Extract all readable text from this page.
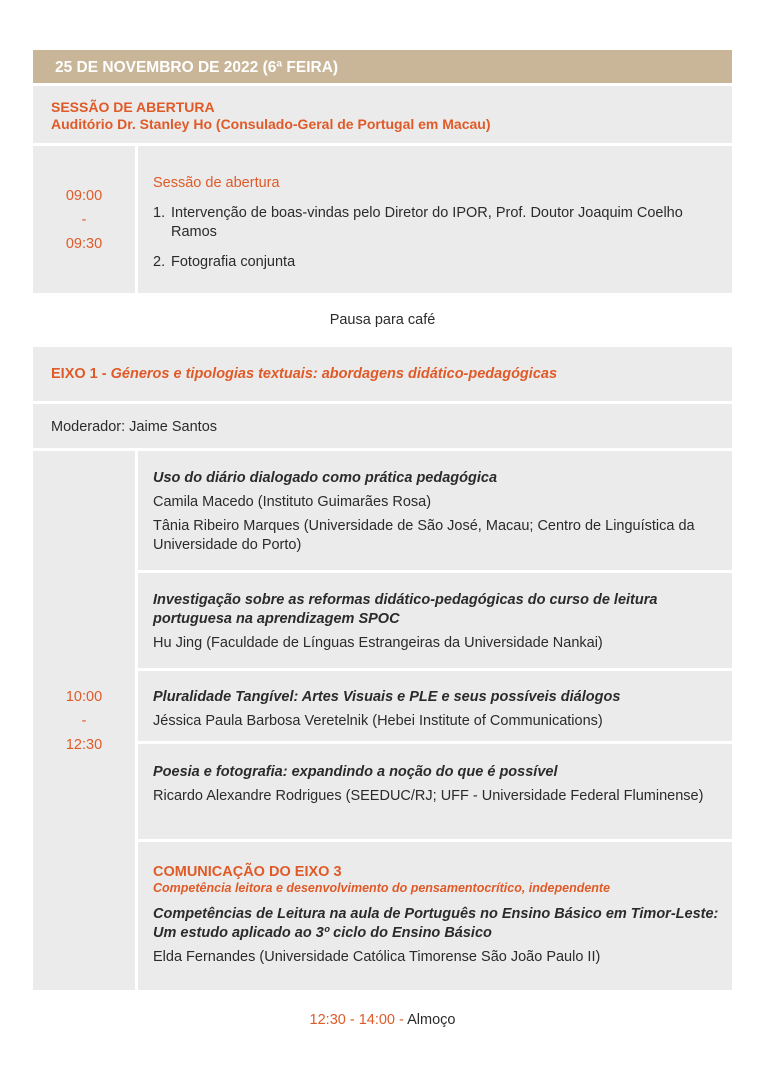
25 DE NOVEMBRO DE 2022 (6ª FEIRA)
SESSÃO DE ABERTURA
Auditório Dr. Stanley Ho (Consulado-Geral de Portugal em Macau)
09:00
-
09:30
Sessão de abertura
1. Intervenção de boas-vindas pelo Diretor do IPOR, Prof. Doutor Joaquim Coelho Ramos
2. Fotografia conjunta
Pausa para café
EIXO 1 - Géneros e tipologias textuais: abordagens didático-pedagógicas
Moderador: Jaime Santos
10:00
-
12:30
Uso do diário dialogado como prática pedagógica
Camila Macedo (Instituto Guimarães Rosa)
Tânia Ribeiro Marques (Universidade de São José, Macau; Centro de Linguística da Universidade do Porto)
Investigação sobre as reformas didático-pedagógicas do curso de leitura portuguesa na aprendizagem SPOC
Hu Jing (Faculdade de Línguas Estrangeiras da Universidade Nankai)
Pluralidade Tangível: Artes Visuais e PLE e seus possíveis diálogos
Jéssica Paula Barbosa Veretelnik (Hebei Institute of Communications)
Poesia e fotografia: expandindo a noção do que é possível
Ricardo Alexandre Rodrigues (SEEDUC/RJ; UFF - Universidade Federal Fluminense)
COMUNICAÇÃO DO EIXO 3
Competência leitora e desenvolvimento do pensamentocrítico, independente
Competências de Leitura na aula de Português no Ensino Básico em Timor-Leste: Um estudo aplicado ao 3º ciclo do Ensino Básico
Elda Fernandes (Universidade Católica Timorense São João Paulo II)
12:30 - 14:00 - Almoço
